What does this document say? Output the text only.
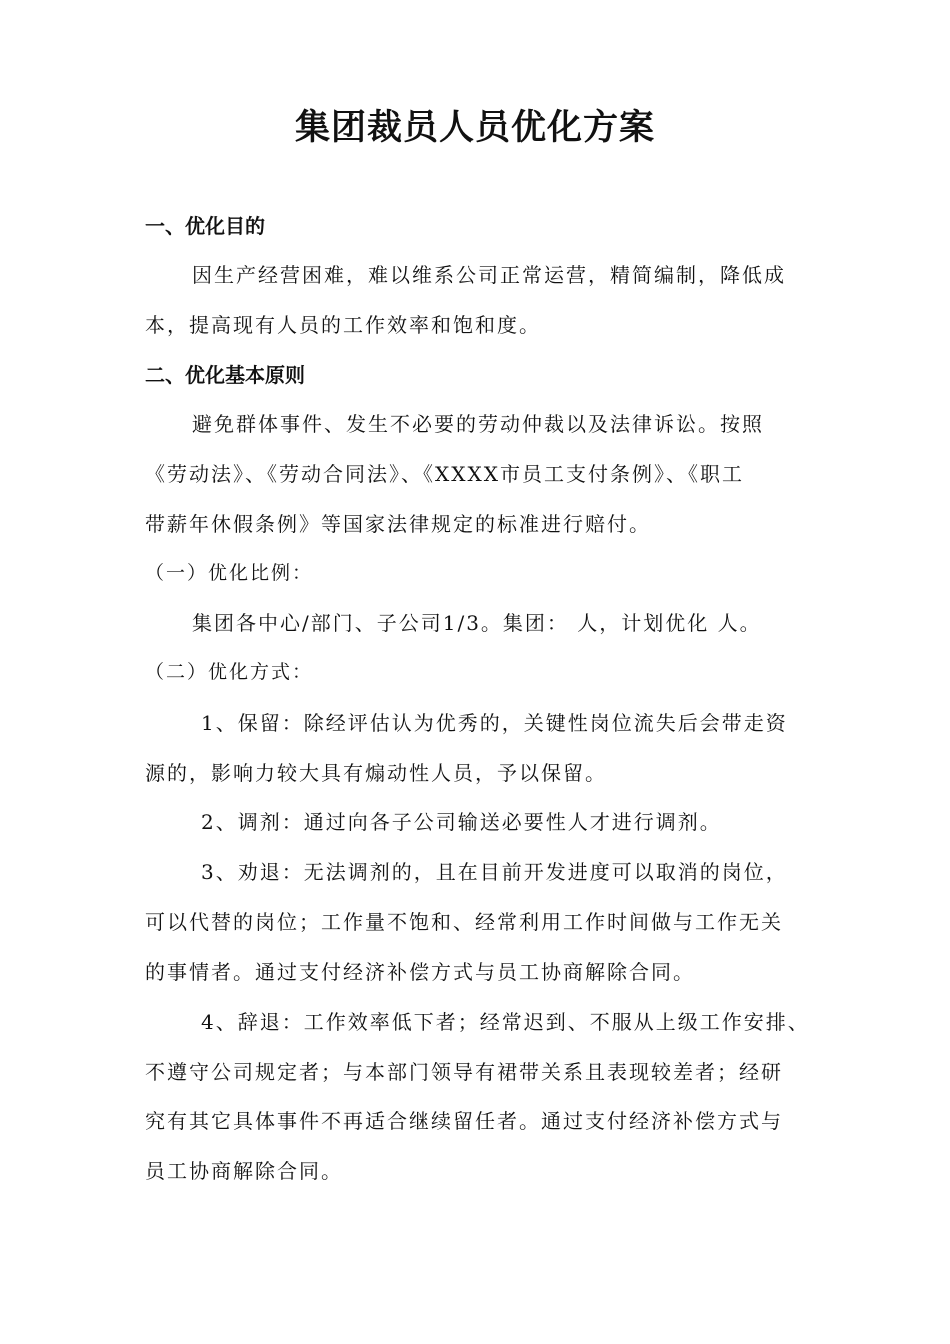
集团裁员人员优化方案
一、优化目的
因生产经营困难，难以维系公司正常运营，精简编制，降低成
本，提高现有人员的工作效率和饱和度。
二、优化基本原则
避免群体事件、发生不必要的劳动仲裁以及法律诉讼。按照
《劳动法》、《劳动合同法》、《XXXX市员工支付条例》、《职工
带薪年休假条例》等国家法律规定的标准进行赔付。
（一）优化比例：
集团各中心/部门、子公司1/3。集团： 人，计划优化 人。
（二）优化方式：
1、保留：除经评估认为优秀的，关键性岗位流失后会带走资
源的，影响力较大具有煽动性人员，予以保留。
2、调剂：通过向各子公司输送必要性人才进行调剂。
3、劝退：无法调剂的，且在目前开发进度可以取消的岗位，
可以代替的岗位；工作量不饱和、经常利用工作时间做与工作无关
的事情者。通过支付经济补偿方式与员工协商解除合同。
4、辞退：工作效率低下者；经常迟到、不服从上级工作安排、
不遵守公司规定者；与本部门领导有裙带关系且表现较差者；经研
究有其它具体事件不再适合继续留任者。通过支付经济补偿方式与
员工协商解除合同。
